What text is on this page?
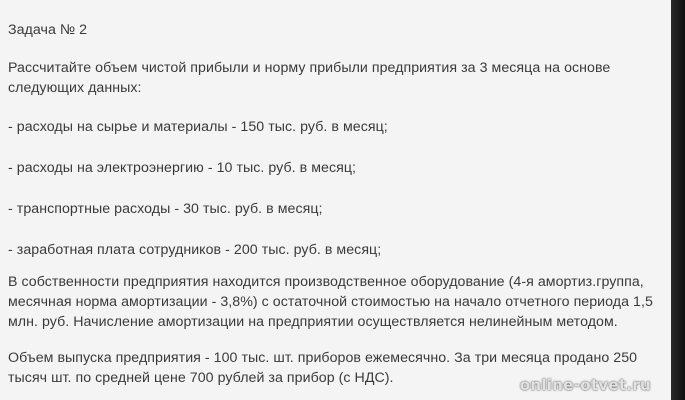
Задача № 2

Рассчитайте объем чистой прибыли и норму прибыли предприятия за 3 месяца на основе следующих данных:

- расходы на сырье и материалы - 150 тыс. руб. в месяц;

- расходы на электроэнергию - 10 тыс. руб. в месяц;

- транспортные расходы - 30 тыс. руб. в месяц;

- заработная плата сотрудников - 200 тыс. руб. в месяц;

В собственности предприятия находится производственное оборудование (4-я амортиз.группа, месячная норма амортизации - 3,8%) с остаточной стоимостью на начало отчетного периода 1,5 млн. руб. Начисление амортизации на предприятии осуществляется нелинейным методом.

Объем выпуска предприятия - 100 тыс. шт. приборов ежемесячно. За три месяца продано 250 тысяч шт. по средней цене 700 рублей за прибор (с НДС).	online-otvet.ru
